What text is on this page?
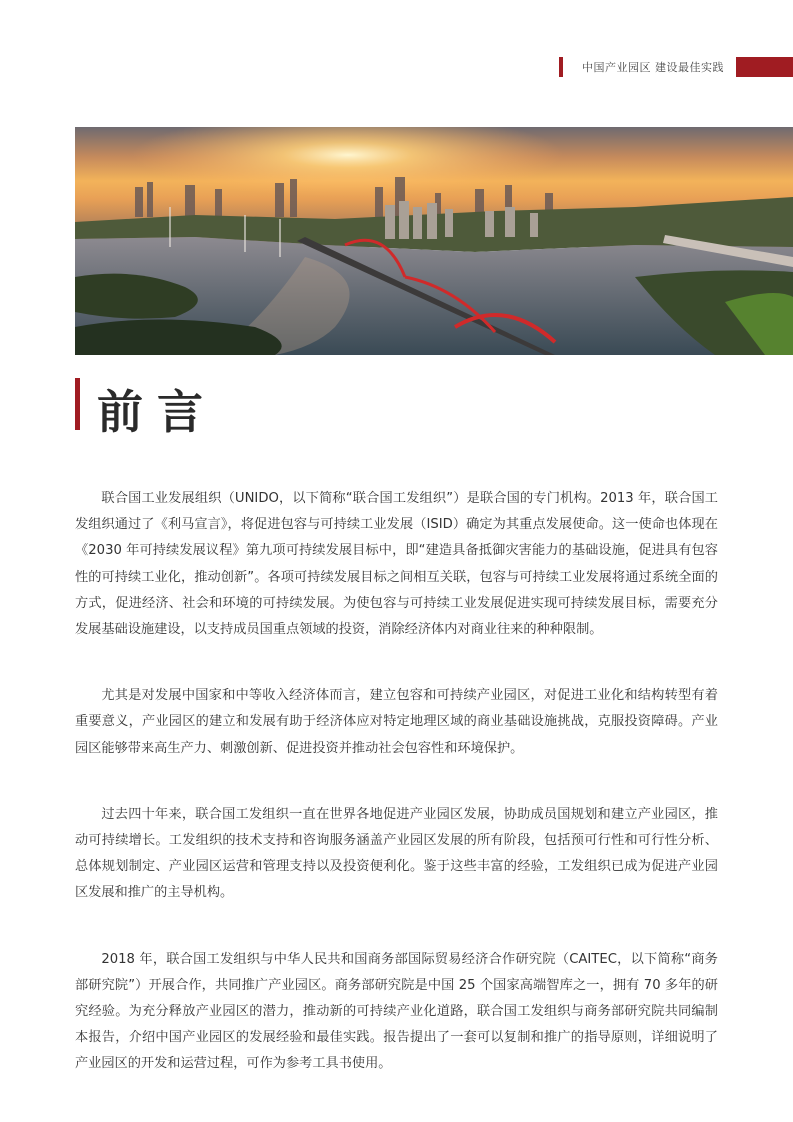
中国产业园区 建设最佳实践
前言

联合国工业发展组织（UNIDO，以下简称“联合国工发组织”）是联合国的专门机构。2013 年，联合国工发组织通过了《利马宣言》，将促进包容与可持续工业发展（ISID）确定为其重点发展使命。这一使命也体现在《2030 年可持续发展议程》第九项可持续发展目标中，即“建造具备抵御灾害能力的基础设施，促进具有包容性的可持续工业化，推动创新”。各项可持续发展目标之间相互关联，包容与可持续工业发展将通过系统全面的方式，促进经济、社会和环境的可持续发展。为使包容与可持续工业发展促进实现可持续发展目标，需要充分发展基础设施建设，以支持成员国重点领域的投资，消除经济体内对商业往来的种种限制。

尤其是对发展中国家和中等收入经济体而言，建立包容和可持续产业园区，对促进工业化和结构转型有着重要意义，产业园区的建立和发展有助于经济体应对特定地理区域的商业基础设施挑战，克服投资障碍。产业园区能够带来高生产力、刺激创新、促进投资并推动社会包容性和环境保护。

过去四十年来，联合国工发组织一直在世界各地促进产业园区发展，协助成员国规划和建立产业园区，推动可持续增长。工发组织的技术支持和咨询服务涵盖产业园区发展的所有阶段，包括预可行性和可行性分析、总体规划制定、产业园区运营和管理支持以及投资便利化。鉴于这些丰富的经验，工发组织已成为促进产业园区发展和推广的主导机构。

2018 年，联合国工发组织与中华人民共和国商务部国际贸易经济合作研究院（CAITEC，以下简称“商务部研究院”）开展合作，共同推广产业园区。商务部研究院是中国 25 个国家高端智库之一，拥有 70 多年的研究经验。为充分释放产业园区的潜力，推动新的可持续产业化道路，联合国工发组织与商务部研究院共同编制本报告，介绍中国产业园区的发展经验和最佳实践。报告提出了一套可以复制和推广的指导原则，详细说明了产业园区的开发和运营过程，可作为参考工具书使用。
